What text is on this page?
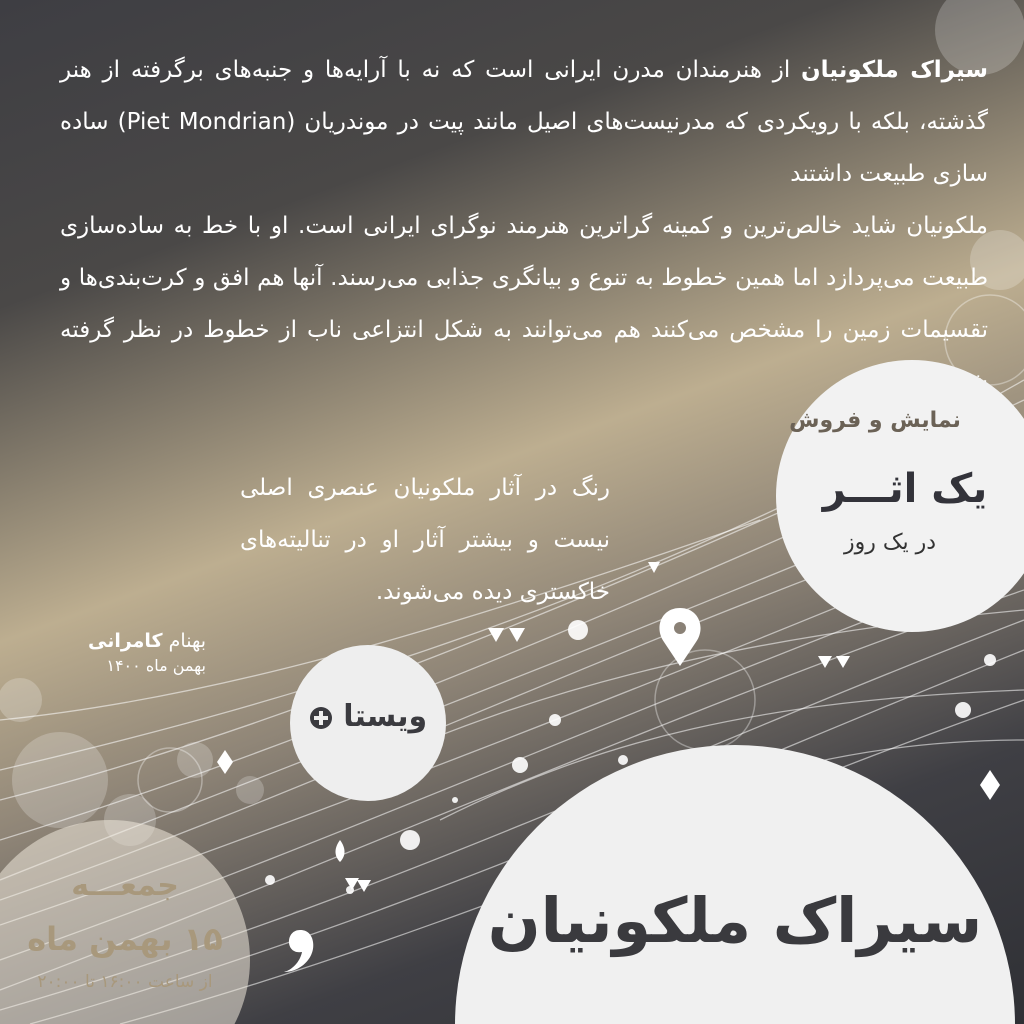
سیراک ملکونیان از هنرمندان مدرن ایرانی است که نه با آرایه‌ها و جنبه‌های برگرفته از هنر گذشته، بلکه با رویکردی که مدرنیست‌های اصیل مانند پیت در موندریان (Piet Mondrian) ساده سازی طبیعت داشتند

ملکونیان شاید خالص‌ترین و کمینه گراترین هنرمند نوگرای ایرانی است. او با خط به ساده‌سازی طبیعت می‌پردازد اما همین خطوط به تنوع و بیانگری جذابی می‌رسند. آنها هم افق و کرت‌بندی‌ها و تقسیمات زمین را مشخص می‌کنند هم می‌توانند به شکل انتزاعی ناب از خطوط در نظر گرفته

رنگ در آثار ملکونیان عنصری اصلی نیست و بیشتر آثار او در تنالیته‌های خاکستری دیده می‌شوند.

بهنام کامرانی

بهمن ماه ۱۴۰۰

نمایش و فروش
یک اثـــر
در یک روز
ویستا
سیراک ملکونیان
جمعـــه
۱۵ بهمن ماه
از ساعت ۱۶:۰۰ تا ۲۰:۰۰
